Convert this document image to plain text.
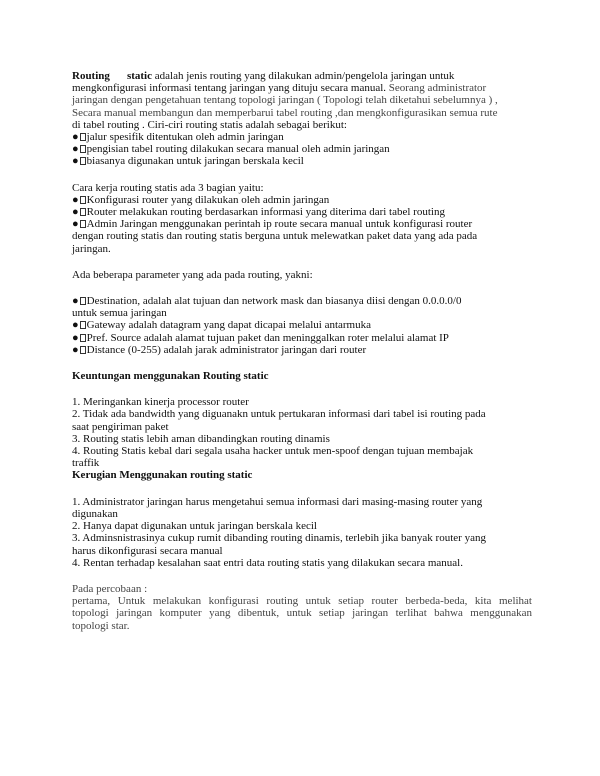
Routing static adalah jenis routing yang dilakukan admin/pengelola jaringan untuk

mengkonfigurasi informasi tentang jaringan yang dituju secara manual. Seorang administrator

jaringan dengan pengetahuan tentang topologi jaringan ( Topologi telah diketahui sebelumnya ) ,

Secara manual membangun dan memperbarui tabel routing ,dan mengkonfigurasikan semua rute

di tabel routing . Ciri-ciri routing statis adalah sebagai berikut:

● jalur spesifik ditentukan oleh admin jaringan

● pengisian tabel routing dilakukan secara manual oleh admin jaringan

● biasanya digunakan untuk jaringan berskala kecil

Cara kerja routing statis ada 3 bagian yaitu:

● Konfigurasi router yang dilakukan oleh admin jaringan

● Router melakukan routing berdasarkan informasi yang diterima dari tabel routing

● Admin Jaringan menggunakan perintah ip route secara manual untuk konfigurasi router

dengan routing statis dan routing statis berguna untuk melewatkan paket data yang ada pada

jaringan.

Ada beberapa parameter yang ada pada routing, yakni:

● Destination, adalah alat tujuan dan network mask dan biasanya diisi dengan 0.0.0.0/0

untuk semua jaringan

● Gateway adalah datagram yang dapat dicapai melalui antarmuka

● Pref. Source adalah alamat tujuan paket dan meninggalkan roter melalui alamat IP

● Distance (0-255) adalah jarak administrator jaringan dari router

Keuntungan menggunakan Routing static

1. Meringankan kinerja processor router

2. Tidak ada bandwidth yang diguanakn untuk pertukaran informasi dari tabel isi routing pada

saat pengiriman paket

3. Routing statis lebih aman dibandingkan routing dinamis

4. Routing Statis kebal dari segala usaha hacker untuk men-spoof dengan tujuan membajak

traffik

Kerugian Menggunakan routing static

1. Administrator jaringan harus mengetahui semua informasi dari masing-masing router yang

digunakan

2. Hanya dapat digunakan untuk jaringan berskala kecil

3. Adminsnistrasinya cukup rumit dibanding routing dinamis, terlebih jika banyak router yang

harus dikonfigurasi secara manual

4. Rentan terhadap kesalahan saat entri data routing statis yang dilakukan secara manual.

Pada percobaan :

pertama, Untuk melakukan konfigurasi routing untuk setiap router berbeda-beda, kita melihat

topologi jaringan komputer yang dibentuk, untuk setiap jaringan terlihat bahwa menggunakan

topologi star.
